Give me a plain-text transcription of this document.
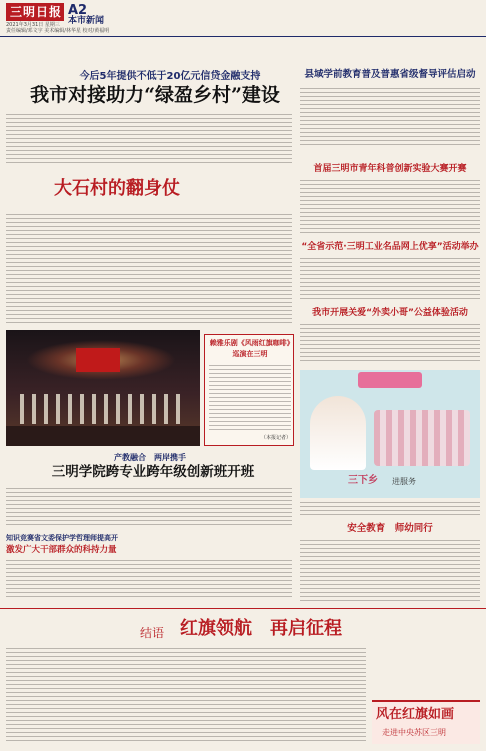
三明日报 A2
本市新闻
2021年3月31日 星期三
责任编辑/邓文宇 美术编辑/林华星 校对/黄福明
今后5年提供不低于20亿元信贷金融支持
我市对接助力“绿盈乡村”建设
县域学前教育普及普惠省级督导评估启动
大石村的翻身仗
首届三明市青年科普创新实验大赛开赛
“全省示范·三明工业名品网上优享”活动举办
我市开展关爱“外卖小哥”公益体验活动
赖雅乐剧《风雨红旗咖啡》巡演在三明
（本报记者）
三下乡	进服务
产教融合　两岸携手
三明学院跨专业跨年级创新班开班
知识竞赛省文委保护学哲理师提高开
激发广大干部群众的科持力量
安全教育　师幼同行
结语 红旗领航　再启征程
风在红旗如画
走进中央苏区三明
